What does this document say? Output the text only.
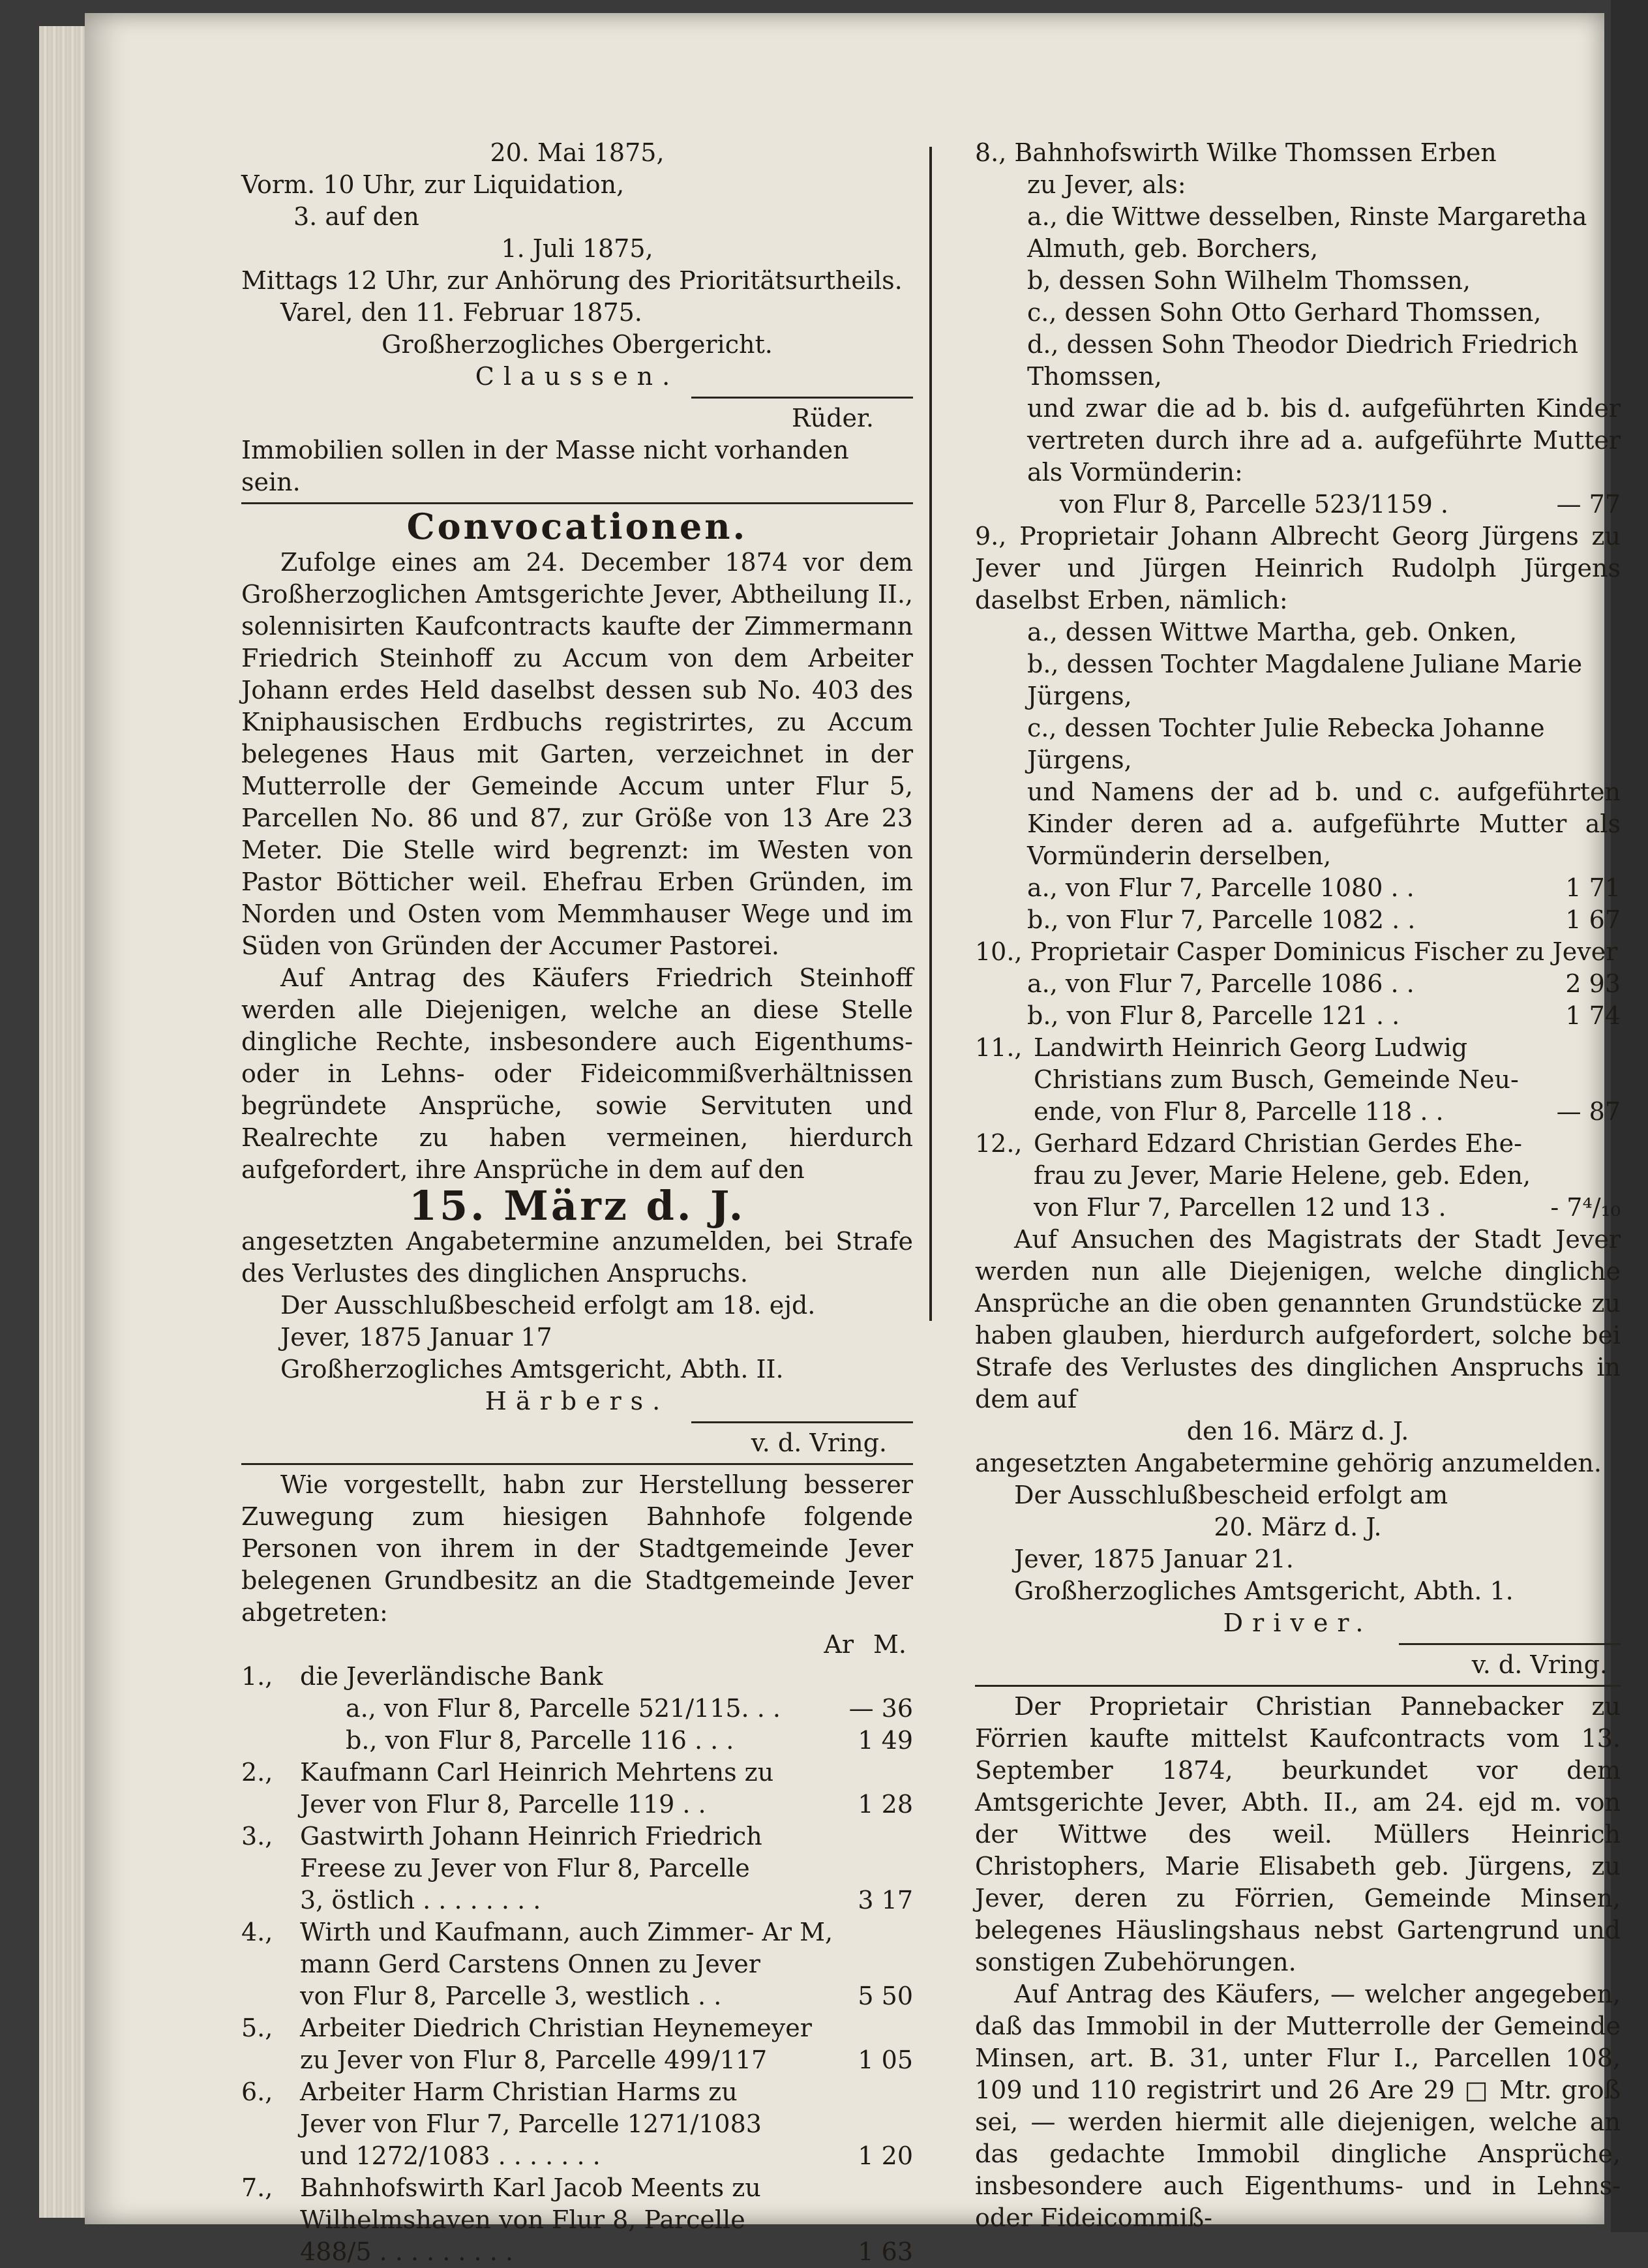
20. Mai 1875,
Vorm. 10 Uhr, zur Liquidation,
3. auf den
1. Juli 1875,
Mittags 12 Uhr, zur Anhörung des Prioritätsurtheils.
Varel, den 11. Februar 1875.
Großherzogliches Obergericht.
Claussen.
Rüder.
Immobilien sollen in der Masse nicht vorhanden sein.
Convocationen.
Zufolge eines am 24. December 1874 vor dem Großherzoglichen Amtsgerichte Jever, Abtheilung II., solennisirten Kaufcontracts kaufte der Zimmermann Friedrich Steinhoff zu Accum von dem Arbeiter Johann erdes Held daselbst dessen sub No. 403 des Kniphausischen Erdbuchs registrirtes, zu Accum belegenes Haus mit Garten, verzeichnet in der Mutterrolle der Gemeinde Accum unter Flur 5, Parcellen No. 86 und 87, zur Größe von 13 Are 23 Meter. Die Stelle wird begrenzt: im Westen von Pastor Bötticher weil. Ehefrau Erben Gründen, im Norden und Osten vom Memmhauser Wege und im Süden von Gründen der Accumer Pastorei.
Auf Antrag des Käufers Friedrich Steinhoff werden alle Diejenigen, welche an diese Stelle dingliche Rechte, insbesondere auch Eigenthums- oder in Lehns- oder Fideicommißverhältnissen begründete Ansprüche, sowie Servituten und Realrechte zu haben vermeinen, hierdurch aufgefordert, ihre Ansprüche in dem auf den
15. März d. J.
angesetzten Angabetermine anzumelden, bei Strafe des Verlustes des dinglichen Anspruchs.
Der Ausschlußbescheid erfolgt am 18. ejd.
Jever, 1875 Januar 17
Großherzogliches Amtsgericht, Abth. II.
Härbers.
v. d. Vring.
Wie vorgestellt, habn zur Herstellung besserer Zuwegung zum hiesigen Bahnhofe folgende Personen von ihrem in der Stadtgemeinde Jever belegenen Grundbesitz an die Stadtgemeinde Jever abgetreten:
Ar M.
1.,	die Jeverländische Bank
a., von Flur 8, Parcelle 521/115. . .	— 36
b., von Flur 8, Parcelle 116 . . .	1 49
2.,	Kaufmann Carl Heinrich Mehrtens zu
Jever von Flur 8, Parcelle 119 . .	1 28
3.,	Gastwirth Johann Heinrich Friedrich
Freese zu Jever von Flur 8, Parcelle
3, östlich . . . . . . . .	3 17
4.,	Wirth und Kaufmann, auch Zimmer- Ar M,
mann Gerd Carstens Onnen zu Jever
von Flur 8, Parcelle 3, westlich . .	5 50
5.,	Arbeiter Diedrich Christian Heynemeyer
zu Jever von Flur 8, Parcelle 499/117	1 05
6.,	Arbeiter Harm Christian Harms zu
Jever von Flur 7, Parcelle 1271/1083
und 1272/1083 . . . . . . .	1 20
7.,	Bahnhofswirth Karl Jacob Meents zu
Wilhelmshaven von Flur 8, Parcelle
488/5 . . . . . . . . .	1 63
8., Bahnhofswirth Wilke Thomssen Erben
zu Jever, als:
a., die Wittwe desselben, Rinste Margaretha Almuth, geb. Borchers,
b, dessen Sohn Wilhelm Thomssen,
c., dessen Sohn Otto Gerhard Thomssen,
d., dessen Sohn Theodor Diedrich Friedrich Thomssen,
und zwar die ad b. bis d. aufgeführten Kinder vertreten durch ihre ad a. aufgeführte Mutter als Vormünderin:
von Flur 8, Parcelle 523/1159 .	— 77
9., Proprietair Johann Albrecht Georg Jürgens zu Jever und Jürgen Heinrich Rudolph Jürgens daselbst Erben, nämlich:
a., dessen Wittwe Martha, geb. Onken,
b., dessen Tochter Magdalene Juliane Marie Jürgens,
c., dessen Tochter Julie Rebecka Johanne Jürgens,
und Namens der ad b. und c. aufgeführten Kinder deren ad a. aufgeführte Mutter als Vormünderin derselben,
a., von Flur 7, Parcelle 1080 . .	1 71
b., von Flur 7, Parcelle 1082 . .	1 67
10., Proprietair Casper Dominicus Fischer zu Jever
a., von Flur 7, Parcelle 1086 . .	2 93
b., von Flur 8, Parcelle 121 . .	1 74
11., Landwirth Heinrich Georg Ludwig
Christians zum Busch, Gemeinde Neu-
ende, von Flur 8, Parcelle 118 . .	— 87
12., Gerhard Edzard Christian Gerdes Ehe-
frau zu Jever, Marie Helene, geb. Eden,
von Flur 7, Parcellen 12 und 13 .	- 7⁴/₁₀
Auf Ansuchen des Magistrats der Stadt Jever werden nun alle Diejenigen, welche dingliche Ansprüche an die oben genannten Grundstücke zu haben glauben, hierdurch aufgefordert, solche bei Strafe des Verlustes des dinglichen Anspruchs in dem auf
den 16. März d. J.
angesetzten Angabetermine gehörig anzumelden.
Der Ausschlußbescheid erfolgt am
20. März d. J.
Jever, 1875 Januar 21.
Großherzogliches Amtsgericht, Abth. 1.
Driver.
v. d. Vring.
Der Proprietair Christian Pannebacker zu Förrien kaufte mittelst Kaufcontracts vom 13. September 1874, beurkundet vor dem Amtsgerichte Jever, Abth. II., am 24. ejd m. von der Wittwe des weil. Müllers Heinrich Christophers, Marie Elisabeth geb. Jürgens, zu Jever, deren zu Förrien, Gemeinde Minsen, belegenes Häuslingshaus nebst Gartengrund und sonstigen Zubehörungen.
Auf Antrag des Käufers, — welcher angegeben, daß das Immobil in der Mutterrolle der Gemeinde Minsen, art. B. 31, unter Flur I., Parcellen 108, 109 und 110 registrirt und 26 Are 29 □ Mtr. groß sei, — werden hiermit alle diejenigen, welche an das gedachte Immobil dingliche Ansprüche, insbesondere auch Eigenthums- und in Lehns- oder Fideicommiß-
